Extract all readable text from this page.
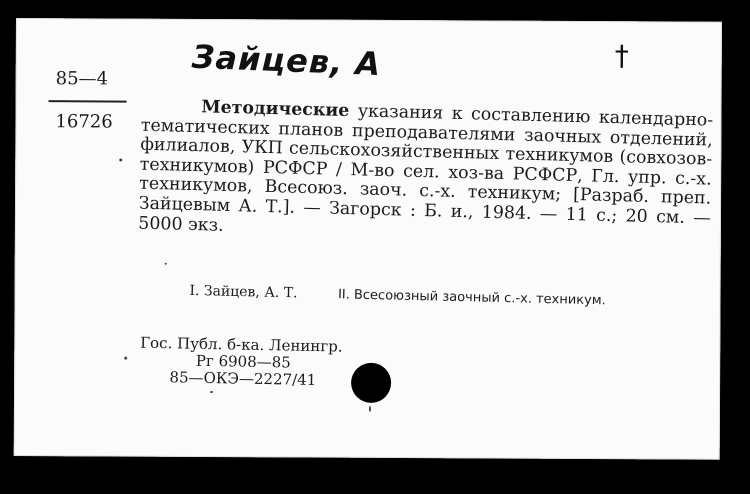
Зайцев, А	†
85—4
16726
Методические указания к составлению календарно-тематических планов преподавателями заочных отделений, филиалов, УКП сельскохозяйственных техникумов (совхозов-техникумов) РСФСР / М-во сел. хоз-ва РСФСР, Гл. упр. с.-х. техникумов, Всесоюз. заоч. с.-х. техникум; [Разраб. преп. Зайцевым А. Т.]. — Загорск : Б. и., 1984. — 11 с.; 20 см. — 5000 экз.
I. Зайцев, А. Т.	II. Всесоюзный заочный с.-х. техникум.
Гос. Публ. б-ка. Ленингр.
Рг 6908—85
85—ОКЭ—2227/41
